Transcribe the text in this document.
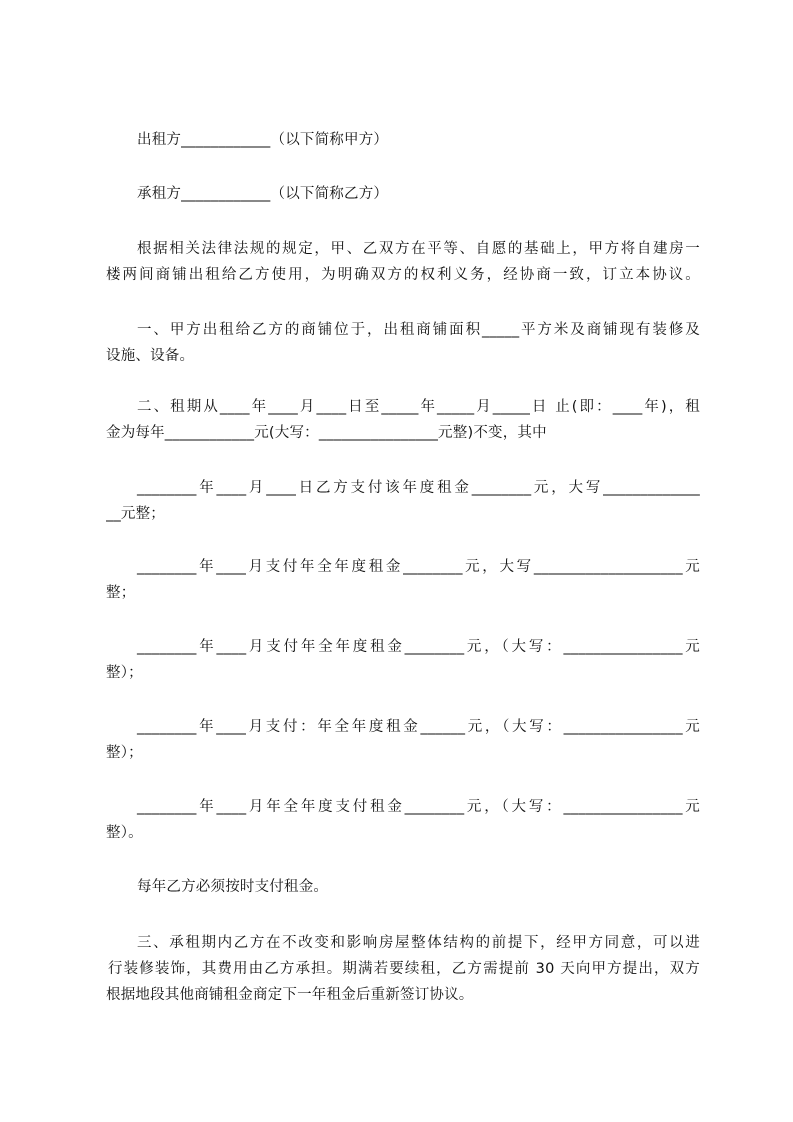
出租方____________（以下简称甲方）
承租方____________（以下简称乙方）
根据相关法律法规的规定，甲、乙双方在平等、自愿的基础上，甲方将自建房一
楼两间商铺出租给乙方使用，为明确双方的权利义务，经协商一致，订立本协议。
一、甲方出租给乙方的商铺位于，出租商铺面积_____平方米及商铺现有装修及
设施、设备。
二、租期从____年____月____日至_____年_____月_____日 止(即：____年)，租
金为每年____________元(大写：________________元整)不变，其中
________年____月____日乙方支付该年度租金________元，大写_____________
__元整；
________年____月支付年全年度租金________元，大写____________________元
整；
________年____月支付年全年度租金________元，（大写：________________元
整）；
________年____月支付：年全年度租金______元，（大写：________________元
整）；
________年____月年全年度支付租金________元，（大写：________________元
整）。
每年乙方必须按时支付租金。
三、承租期内乙方在不改变和影响房屋整体结构的前提下，经甲方同意，可以进
行装修装饰，其费用由乙方承担。期满若要续租，乙方需提前 30 天向甲方提出，双方
根据地段其他商铺租金商定下一年租金后重新签订协议。
